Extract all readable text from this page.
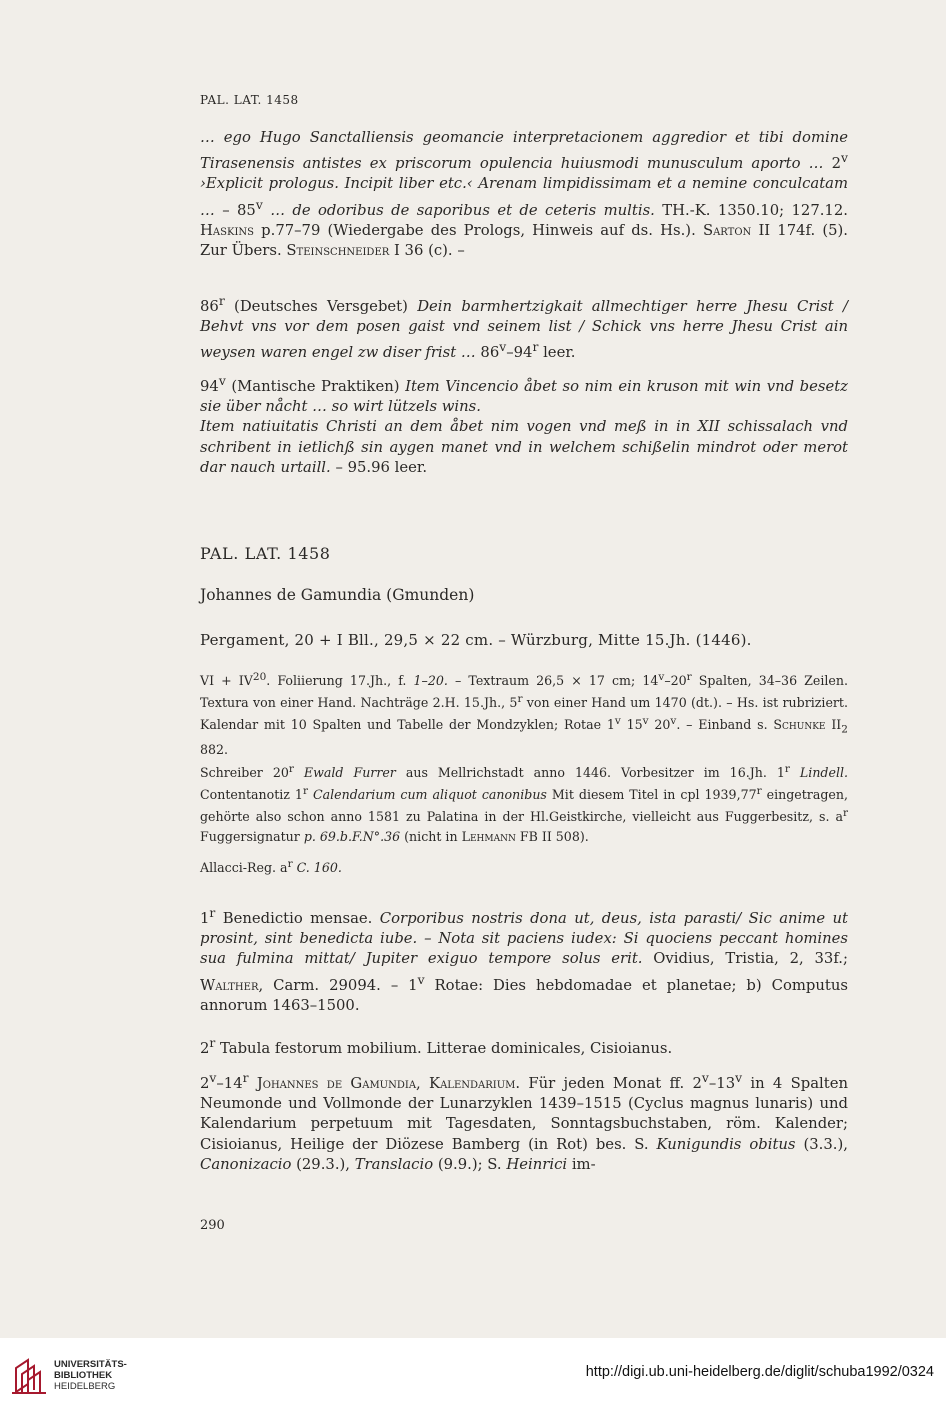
PAL. LAT. 1458

… ego Hugo Sanctalliensis geomancie interpretacionem aggredior et tibi domine Tirasenensis antistes ex priscorum opulencia huiusmodi munusculum aporto … 2$^v$ ›Explicit prologus. Incipit liber etc.‹ Arenam limpidissimam et a nemine conculcatam … – 85$^v$ … de odoribus de saporibus et de ceteris multis. TH.-K. 1350.10; 127.12. Haskins p.77–79 (Wiedergabe des Prologs, Hinweis auf ds. Hs.). Sarton II 174f. (5). Zur Übers. Steinschneider I 36 (c). –

86$^r$ (Deutsches Versgebet) Dein barmhertzigkait allmechtiger herre Jhesu Crist / Behvt vns vor dem posen gaist vnd seinem list / Schick vns herre Jhesu Crist ain weysen waren engel zw diser frist … 86$^v$–94$^r$ leer.

94$^v$ (Mantische Praktiken) Item Vincencio åbet so nim ein kruson mit win vnd besetz sie über nåcht … so wirt lützels wins.

Item natiuitatis Christi an dem åbet nim vogen vnd meß in in XII schissalach vnd schribent in ietlichß sin aygen manet vnd in welchem schißelin mindrot oder merot dar nauch urtaill. – 95.96 leer.

PAL. LAT. 1458
Johannes de Gamundia (Gmunden)
Pergament, 20 + I Bll., 29,5 × 22 cm. – Würzburg, Mitte 15.Jh. (1446).

VI + $IV^{20}$. Foliierung 17.Jh., f. 1–20. – Textraum 26,5 × 17 cm; 14$^v$–20$^r$ Spalten, 34–36 Zeilen. Textura von einer Hand. Nachträge 2.H. 15.Jh., 5$^r$ von einer Hand um 1470 (dt.). – Hs. ist rubriziert. Kalendar mit 10 Spalten und Tabelle der Mondzyklen; Rotae 1$^v$ 15$^v$ 20$^v$. – Einband s. Schunke $II_2$ 882.

Schreiber 20$^r$ Ewald Furrer aus Mellrichstadt anno 1446. Vorbesitzer im 16.Jh. 1$^r$ Lindell. Contentanotiz 1$^r$ Calendarium cum aliquot canonibus Mit diesem Titel in cpl 1939,77$^r$ eingetragen, gehörte also schon anno 1581 zu Palatina in der Hl.Geistkirche, vielleicht aus Fuggerbesitz, s. $a^r$ Fuggersignatur p. 69.b.F.N°.36 (nicht in Lehmann FB II 508).

Allacci-Reg. $a^r$ C. 160.

1$^r$ Benedictio mensae. Corporibus nostris dona ut, deus, ista parasti/ Sic anime ut prosint, sint benedicta iube. – Nota sit paciens iudex: Si quociens peccant homines sua fulmina mittat/ Jupiter exiguo tempore solus erit. Ovidius, Tristia, 2, 33f.; Walther, Carm. 29094. – 1$^v$ Rotae: Dies hebdomadae et planetae; b) Computus annorum 1463–1500.

2$^r$ Tabula festorum mobilium. Litterae dominicales, Cisioianus.

2$^v$–14$^r$ Johannes de Gamundia, Kalendarium. Für jeden Monat ff. 2$^v$–13$^v$ in 4 Spalten Neumonde und Vollmonde der Lunarzyklen 1439–1515 (Cyclus magnus lunaris) und Kalendarium perpetuum mit Tagesdaten, Sonntagsbuchstaben, röm. Kalender; Cisioianus, Heilige der Diözese Bamberg (in Rot) bes. S. Kunigundis obitus (3.3.), Canonizacio (29.3.), Translacio (9.9.); S. Heinrici im-

290
UNIVERSITÄTS-
BIBLIOTHEK
HEIDELBERG
http://digi.ub.uni-heidelberg.de/diglit/schuba1992/0324
